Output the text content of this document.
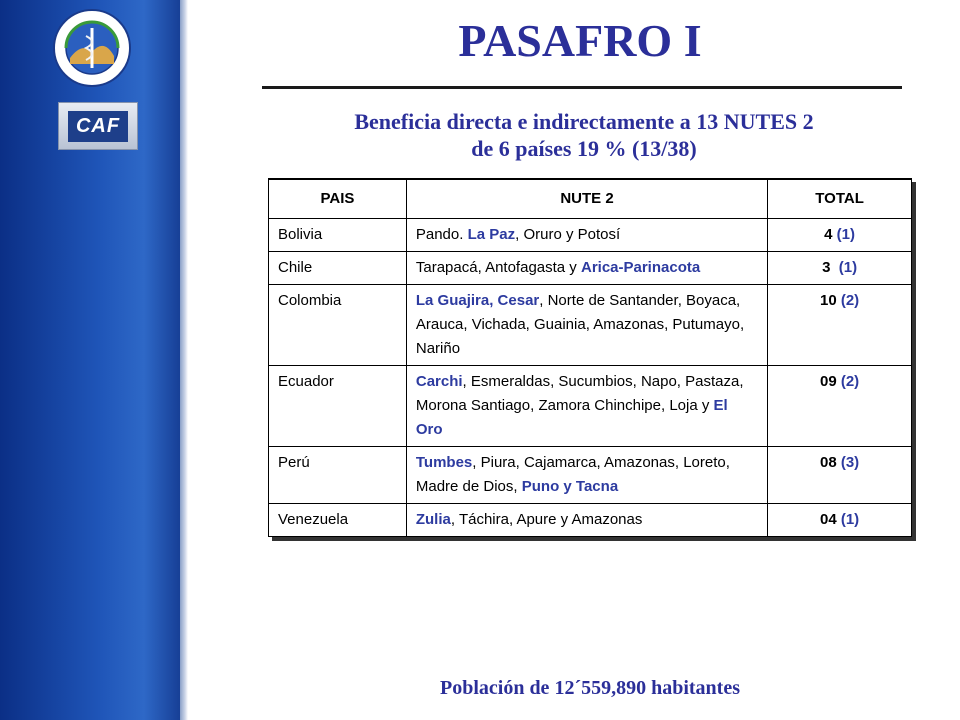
CAF
PASAFRO I
Beneficia directa e indirectamente a 13 NUTES 2
de 6 países 19 % (13/38)
PAIS	NUTE 2	TOTAL
Bolivia	Pando. La Paz, Oruro y Potosí	4 (1)
Chile	Tarapacá, Antofagasta y Arica-Parinacota	3  (1)
Colombia	La Guajira, Cesar, Norte de Santander, Boyaca, Arauca, Vichada, Guainia, Amazonas, Putumayo, Nariño	10 (2)
Ecuador	Carchi, Esmeraldas, Sucumbios, Napo, Pastaza, Morona Santiago, Zamora Chinchipe, Loja y El Oro	09 (2)
Perú	Tumbes, Piura, Cajamarca, Amazonas, Loreto, Madre de Dios, Puno y Tacna	08 (3)
Venezuela	Zulia, Táchira, Apure y Amazonas	04 (1)
Población de 12´559,890 habitantes
